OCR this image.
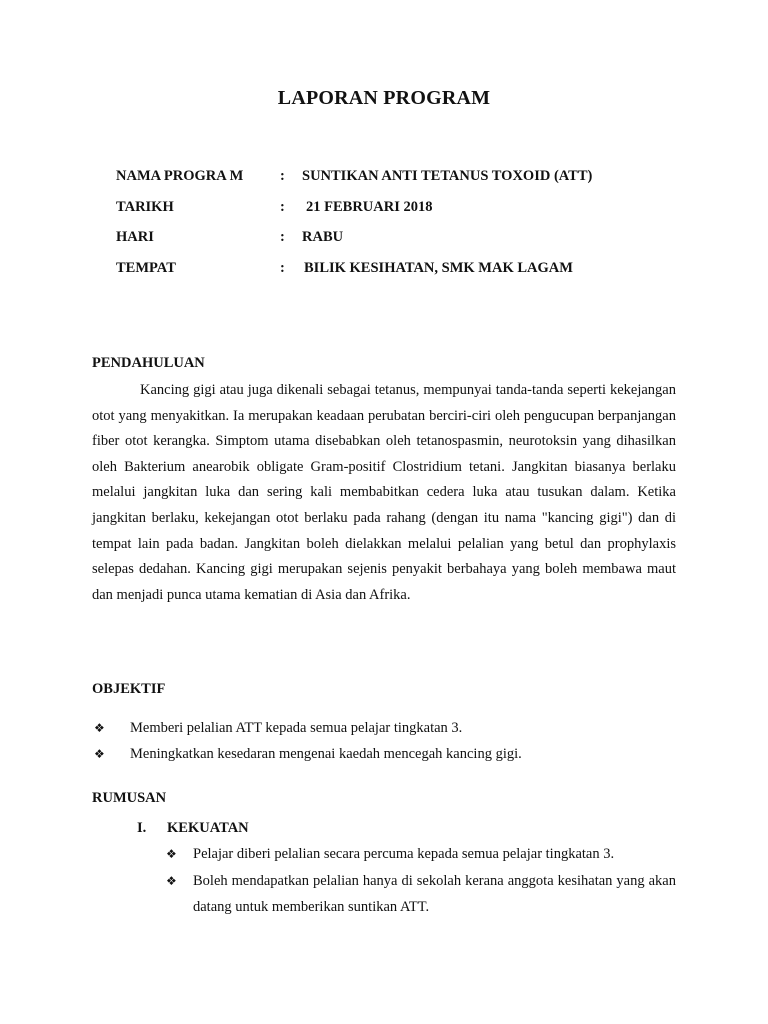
LAPORAN PROGRAM
NAMA PROGRA M	: SUNTIKAN ANTI TETANUS TOXOID (ATT)
TARIKH	: 21 FEBRUARI 2018
HARI	: RABU
TEMPAT	: BILIK KESIHATAN, SMK MAK LAGAM
PENDAHULUAN
Kancing gigi atau juga dikenali sebagai tetanus, mempunyai tanda-tanda seperti kekejangan otot yang menyakitkan. Ia merupakan keadaan perubatan berciri-ciri oleh pengucupan berpanjangan fiber otot kerangka. Simptom utama disebabkan oleh tetanospasmin, neurotoksin yang dihasilkan oleh Bakterium anearobik obligate Gram-positif Clostridium tetani. Jangkitan biasanya berlaku melalui jangkitan luka dan sering kali membabitkan cedera luka atau tusukan dalam. Ketika jangkitan berlaku, kekejangan otot berlaku pada rahang (dengan itu nama "kancing gigi") dan di tempat lain pada badan. Jangkitan boleh dielakkan melalui pelalian yang betul dan prophylaxis selepas dedahan. Kancing gigi merupakan sejenis penyakit berbahaya yang boleh membawa maut dan menjadi punca utama kematian di Asia dan Afrika.
OBJEKTIF
❖ Memberi pelalian ATT kepada semua pelajar tingkatan 3.
❖ Meningkatkan kesedaran mengenai kaedah mencegah kancing gigi.
RUMUSAN
I. KEKUATAN
❖ Pelajar diberi pelalian secara percuma kepada semua pelajar tingkatan 3.
❖ Boleh mendapatkan pelalian hanya di sekolah kerana anggota kesihatan yang akan datang untuk memberikan suntikan ATT.
